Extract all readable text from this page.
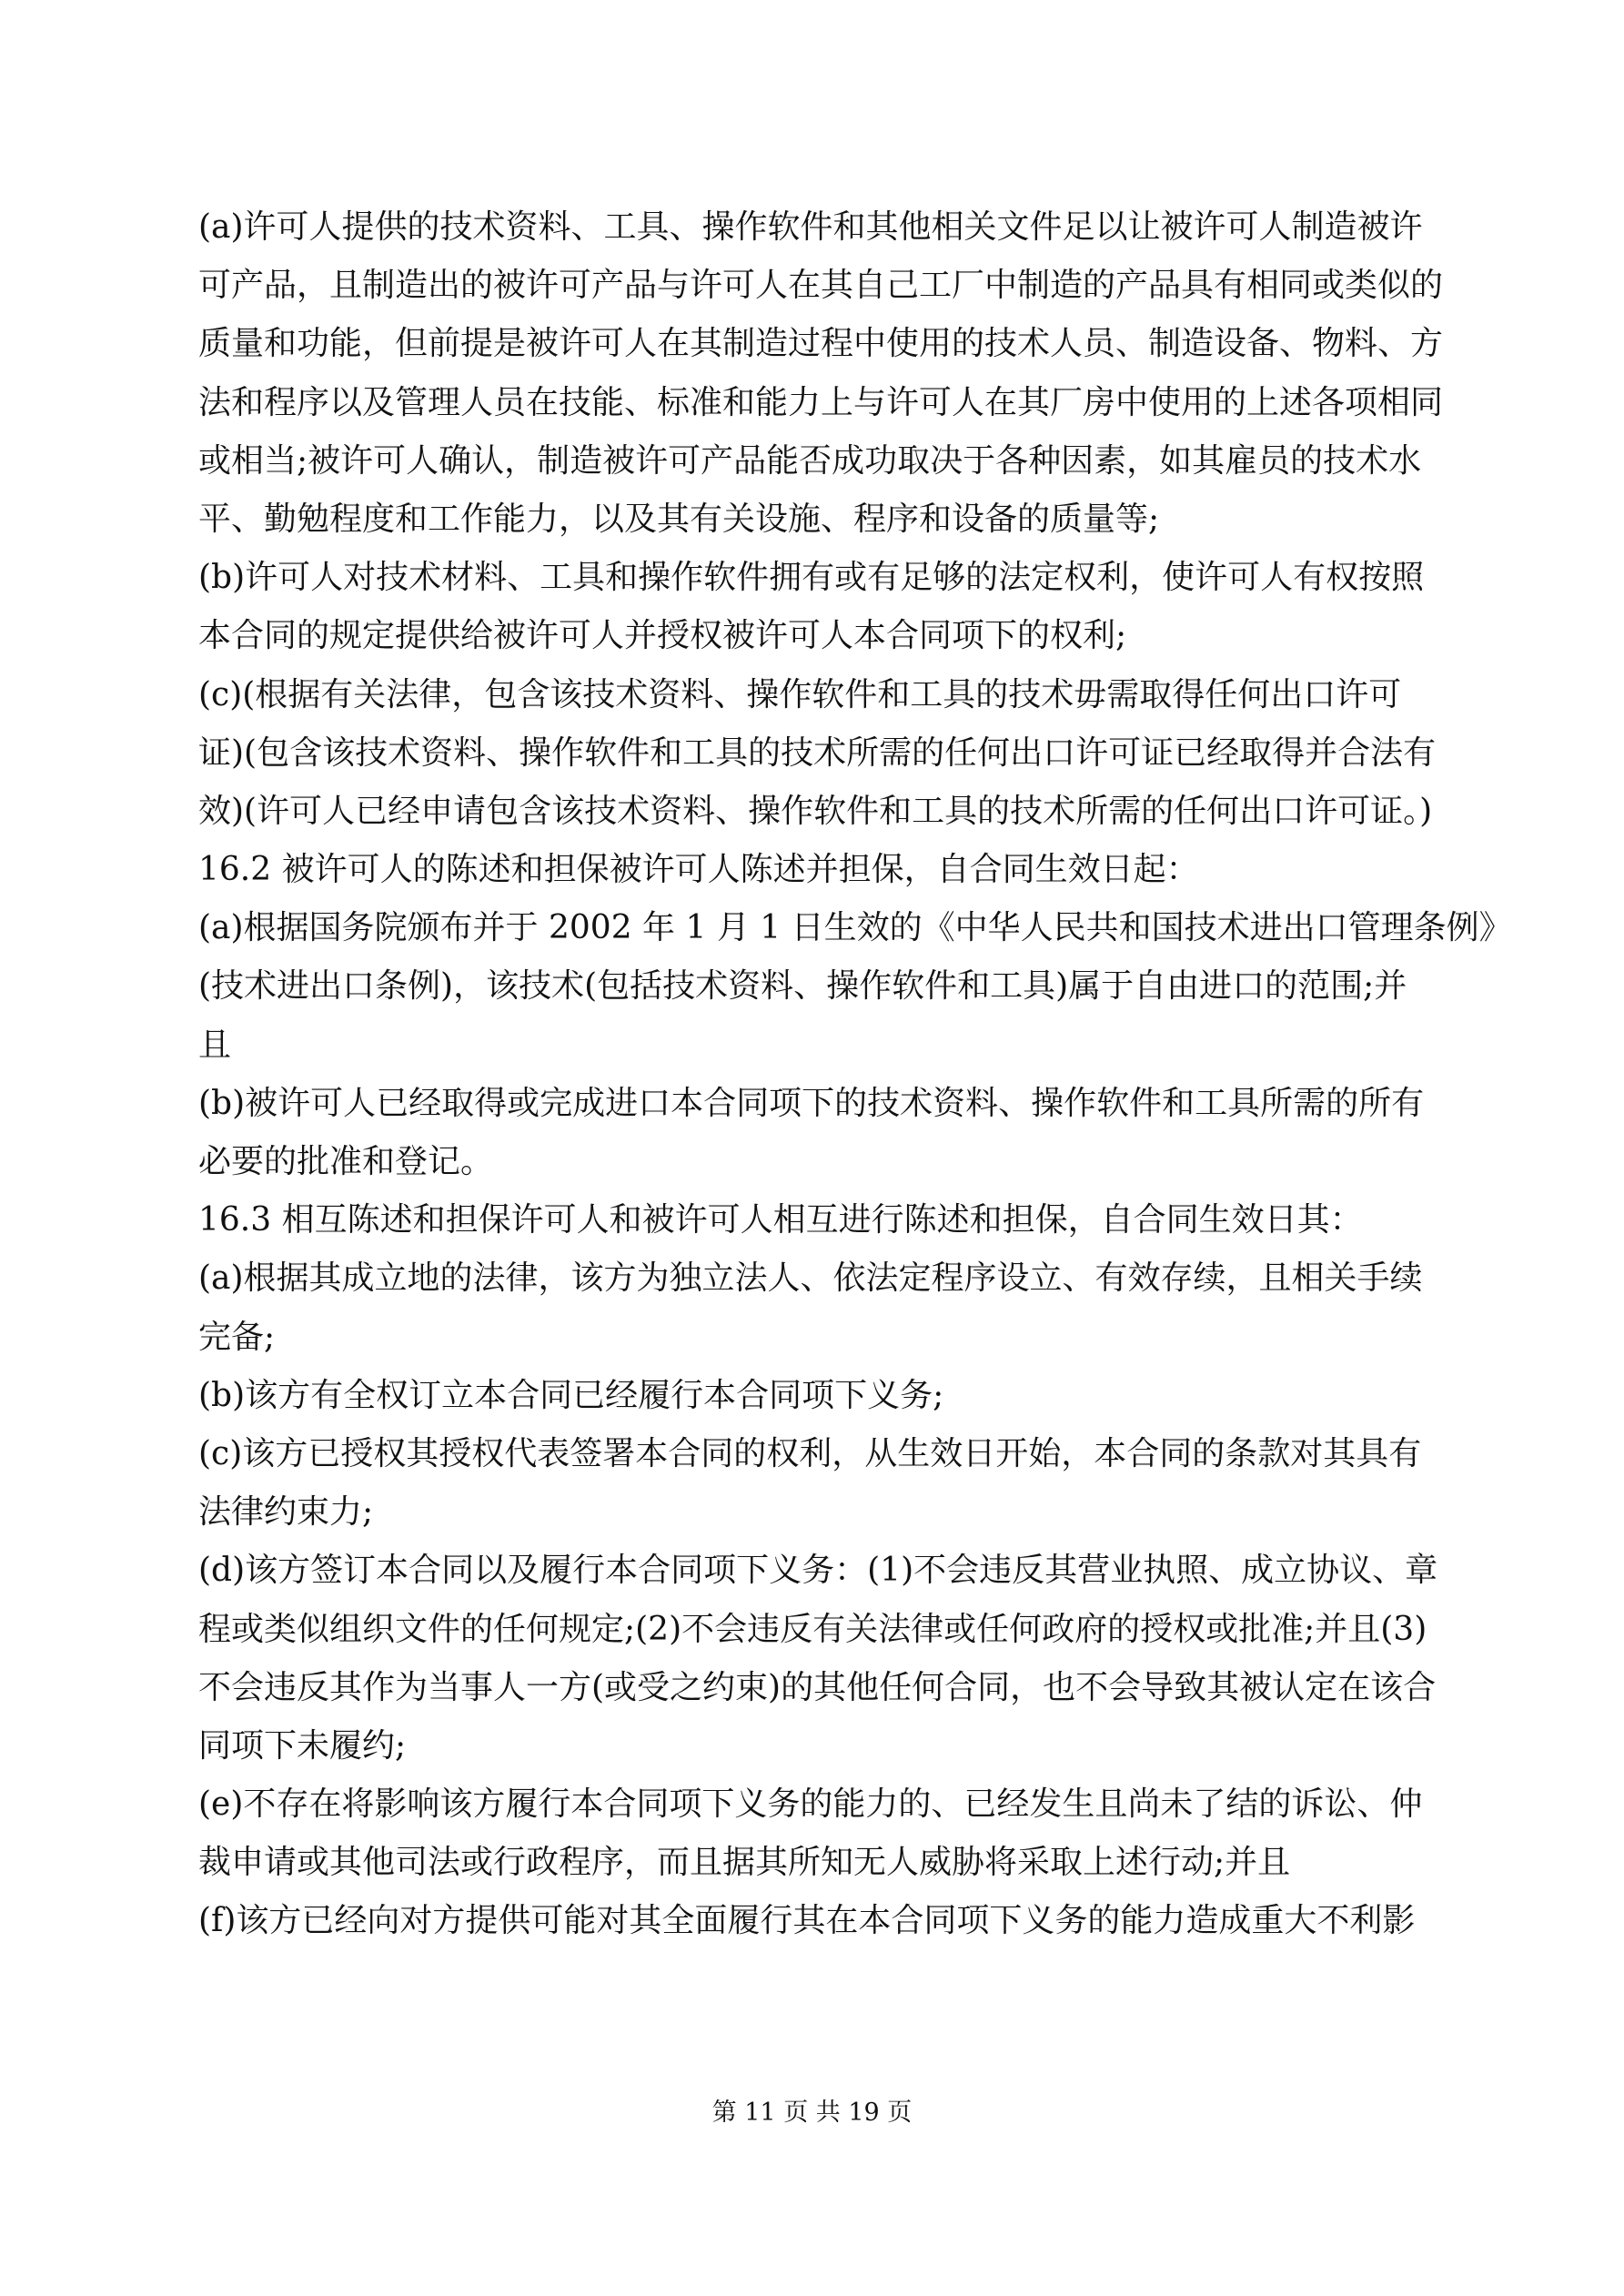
(a)许可人提供的技术资料、工具、操作软件和其他相关文件足以让被许可人制造被许
可产品，且制造出的被许可产品与许可人在其自己工厂中制造的产品具有相同或类似的
质量和功能，但前提是被许可人在其制造过程中使用的技术人员、制造设备、物料、方
法和程序以及管理人员在技能、标准和能力上与许可人在其厂房中使用的上述各项相同
或相当;被许可人确认，制造被许可产品能否成功取决于各种因素，如其雇员的技术水
平、勤勉程度和工作能力，以及其有关设施、程序和设备的质量等;
(b)许可人对技术材料、工具和操作软件拥有或有足够的法定权利，使许可人有权按照
本合同的规定提供给被许可人并授权被许可人本合同项下的权利;
(c)(根据有关法律，包含该技术资料、操作软件和工具的技术毋需取得任何出口许可
证)(包含该技术资料、操作软件和工具的技术所需的任何出口许可证已经取得并合法有
效)(许可人已经申请包含该技术资料、操作软件和工具的技术所需的任何出口许可证。)
16.2 被许可人的陈述和担保被许可人陈述并担保，自合同生效日起：
(a)根据国务院颁布并于 2002 年 1 月 1 日生效的《中华人民共和国技术进出口管理条例》
(技术进出口条例)，该技术(包括技术资料、操作软件和工具)属于自由进口的范围;并
且
(b)被许可人已经取得或完成进口本合同项下的技术资料、操作软件和工具所需的所有
必要的批准和登记。
16.3 相互陈述和担保许可人和被许可人相互进行陈述和担保，自合同生效日其：
(a)根据其成立地的法律，该方为独立法人、依法定程序设立、有效存续，且相关手续
完备;
(b)该方有全权订立本合同已经履行本合同项下义务;
(c)该方已授权其授权代表签署本合同的权利，从生效日开始，本合同的条款对其具有
法律约束力;
(d)该方签订本合同以及履行本合同项下义务：(1)不会违反其营业执照、成立协议、章
程或类似组织文件的任何规定;(2)不会违反有关法律或任何政府的授权或批准;并且(3)
不会违反其作为当事人一方(或受之约束)的其他任何合同，也不会导致其被认定在该合
同项下未履约;
(e)不存在将影响该方履行本合同项下义务的能力的、已经发生且尚未了结的诉讼、仲
裁申请或其他司法或行政程序，而且据其所知无人威胁将采取上述行动;并且
(f)该方已经向对方提供可能对其全面履行其在本合同项下义务的能力造成重大不利影
第 11 页 共 19 页
